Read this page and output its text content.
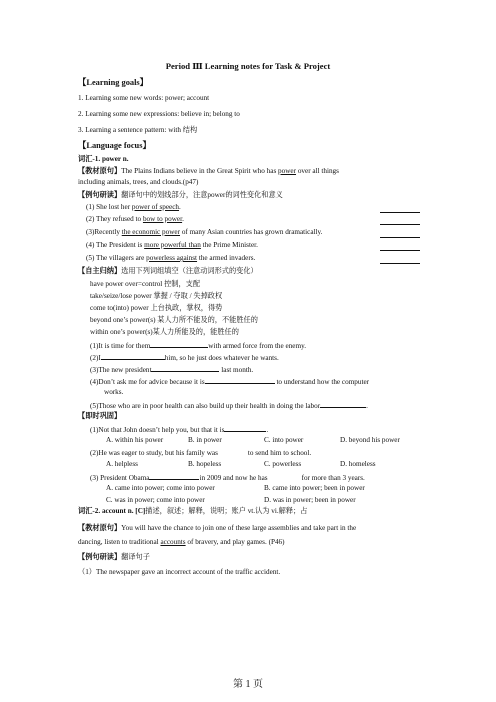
Period Ⅲ Learning notes for Task & Project
【Learning goals】
1. Learning some new words: power; account
2. Learning some new expressions: believe in; belong to
3. Learning a sentence pattern: with 结构
【Language focus】
词汇-1. power n.
【教材原句】The Plains Indians believe in the Great Spirit who has power over all things
including animals, trees, and clouds.(p47)
【例句研读】翻译句中的划线部分，注意power的词性变化和意义
(1) She lost her power of speech.
(2) They refused to bow to power.
(3)Recently the economic power of many Asian countries has grown dramatically.
(4) The President is more powerful than the Prime Minister.
(5) The villagers are powerless against the armed invaders.
【自主归纳】选用下列词组填空（注意动词形式的变化）
have power over=control 控制，支配
take/seize/lose power 掌握 / 夺取 / 失掉政权
come to(into) power 上台执政，掌权，得势
beyond one’s power(s) 某人力所不能及的，不能胜任的
within one’s power(s)某人力所能及的，能胜任的
(1)It is time for them	with armed force from the enemy.
(2)I	him, so he just does whatever he wants.
(3)The new president	last month.
(4)Don’t ask me for advice because it is	to understand how the computer
works.
(5)Those who are in poor health can also build up their health in doing the labor	.
【即时巩固】
(1)Not that John doesn’t help you, but that it is	.
A. within his power	B. in power	C. into power	D. beyond his power
(2)He was eager to study, but his family was	to send him to school.
A. helpless	B. hopeless	C. powerless	D. homeless
(3) President Obama	in 2009 and now he has	for more than 3 years.
A. came into power; come into power	B. came into power; been in power
C. was in power; come into power	D. was in power; been in power
词汇-2. account n. [C]描述，叙述；解释，说明；账户 vt.认为 vi.解释；占
【教材原句】You will have the chance to join one of these large assemblies and take part in the
dancing, listen to traditional accounts of bravery, and play games. (P46)
【例句研读】翻译句子
（1）The newspaper gave an incorrect account of the traffic accident.
第 1 页
